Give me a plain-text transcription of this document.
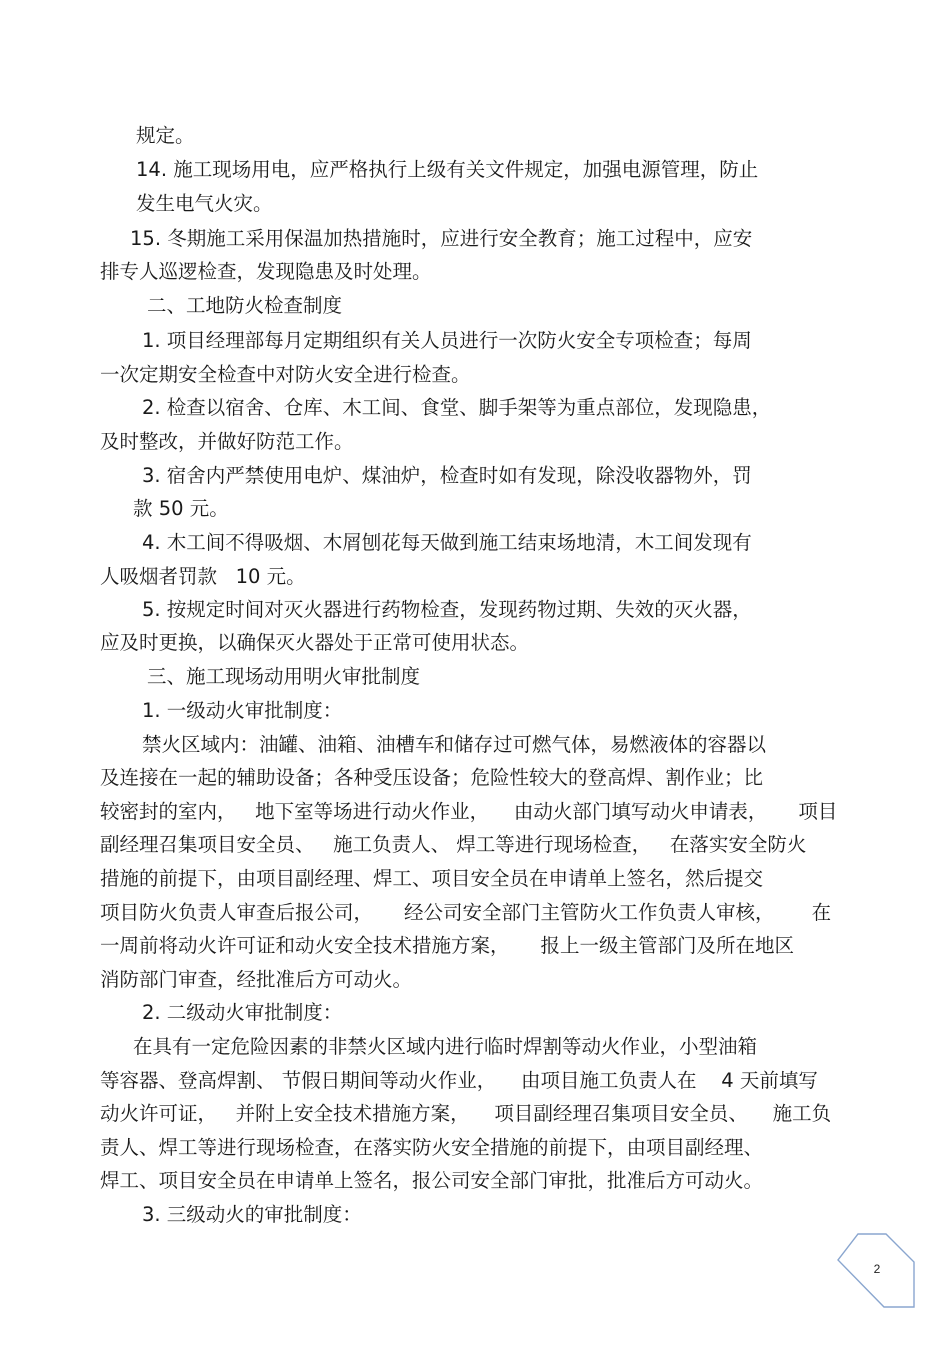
规定。
14. 施工现场用电，应严格执行上级有关文件规定，加强电源管理，防止
发生电气火灾。
15. 冬期施工采用保温加热措施时，应进行安全教育；施工过程中，应安
排专人巡逻检查，发现隐患及时处理。
二、工地防火检查制度
1. 项目经理部每月定期组织有关人员进行一次防火安全专项检查；每周
一次定期安全检查中对防火安全进行检查。
2. 检查以宿舍、仓库、木工间、食堂、脚手架等为重点部位，发现隐患，
及时整改，并做好防范工作。
3. 宿舍内严禁使用电炉、煤油炉，检查时如有发现，除没收器物外，罚
款 50 元。
4. 木工间不得吸烟、木屑刨花每天做到施工结束场地清，木工间发现有
人吸烟者罚款   10 元。
5. 按规定时间对灭火器进行药物检查，发现药物过期、失效的灭火器，
应及时更换，以确保灭火器处于正常可使用状态。
三、施工现场动用明火审批制度
1. 一级动火审批制度：
禁火区域内：油罐、油箱、油槽车和储存过可燃气体，易燃液体的容器以
及连接在一起的辅助设备；各种受压设备；危险性较大的登高焊、割作业；比
较密封的室内，   地下室等场进行动火作业，    由动火部门填写动火申请表，     项目
副经理召集项目安全员、   施工负责人、 焊工等进行现场检查，   在落实安全防火
措施的前提下，由项目副经理、焊工、项目安全员在申请单上签名，然后提交
项目防火负责人审查后报公司，     经公司安全部门主管防火工作负责人审核，      在
一周前将动火许可证和动火安全技术措施方案，     报上一级主管部门及所在地区
消防部门审查，经批准后方可动火。
2. 二级动火审批制度：
在具有一定危险因素的非禁火区域内进行临时焊割等动火作业，小型油箱
等容器、登高焊割、 节假日期间等动火作业，    由项目施工负责人在    4 天前填写
动火许可证，   并附上安全技术措施方案，    项目副经理召集项目安全员、    施工负
责人、焊工等进行现场检查，在落实防火安全措施的前提下，由项目副经理、
焊工、项目安全员在申请单上签名，报公司安全部门审批，批准后方可动火。
3. 三级动火的审批制度：
2
